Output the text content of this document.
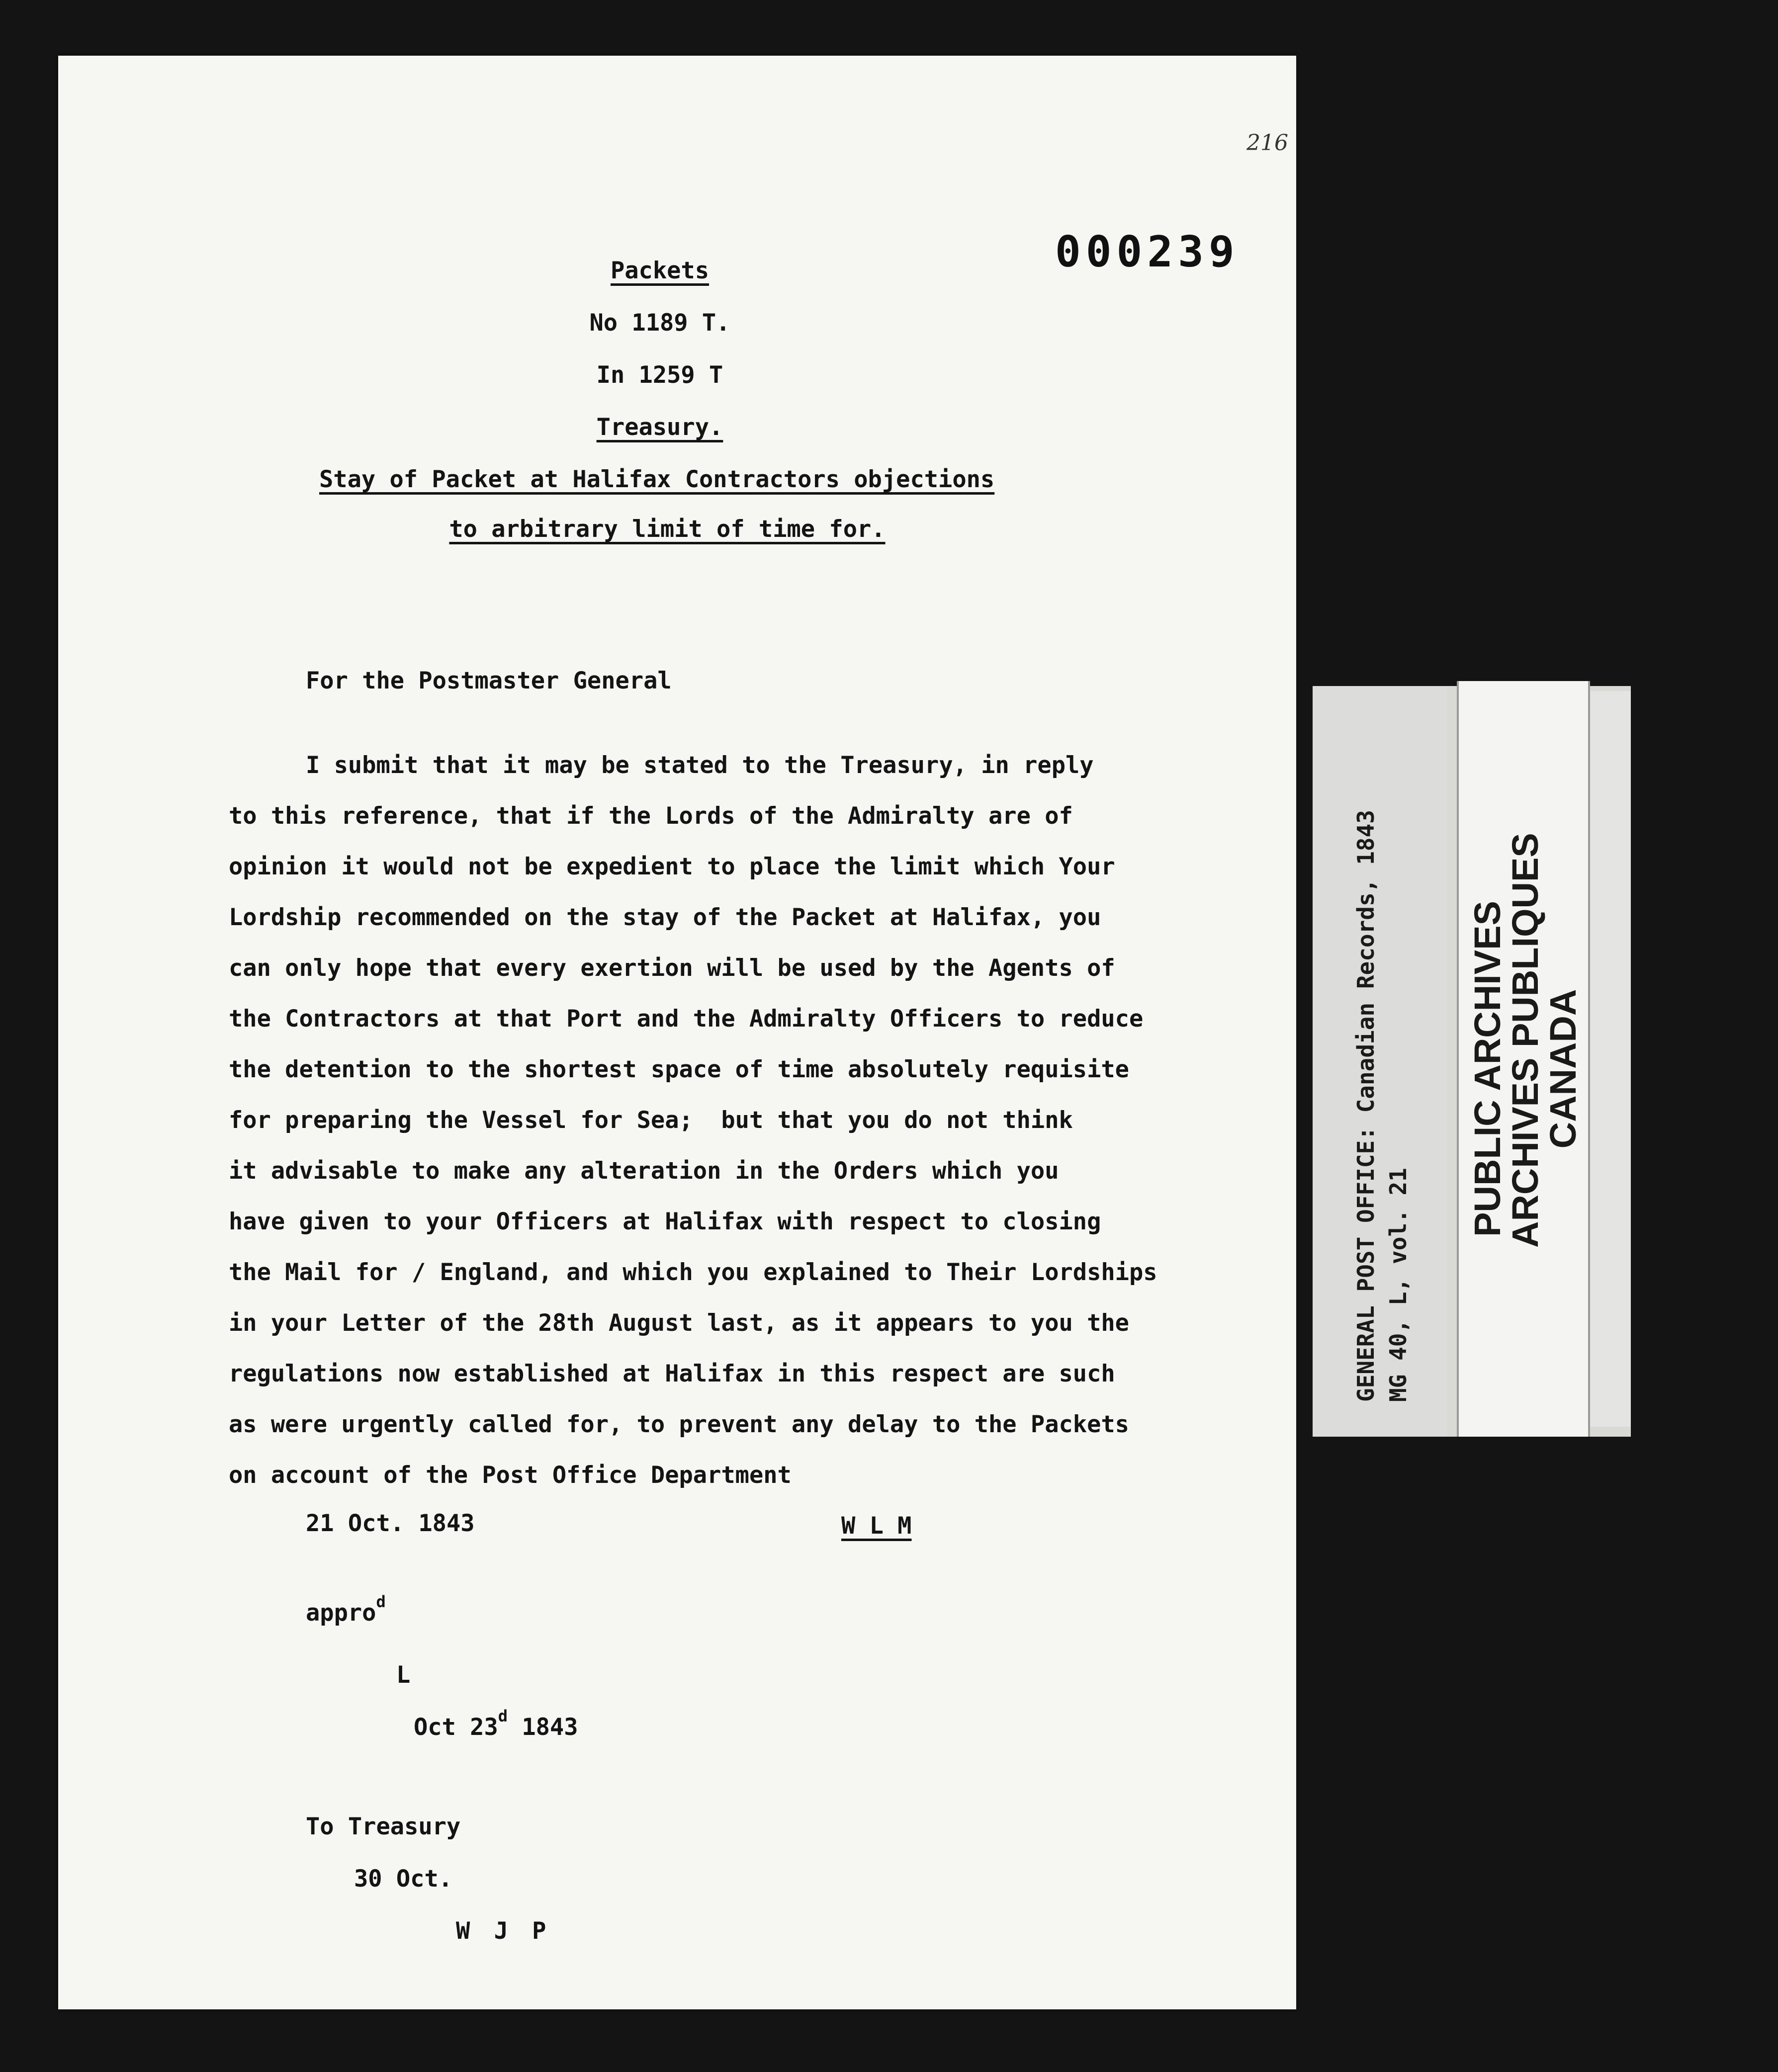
216
000239
Packets
No 1189 T.
In 1259 T
Treasury.
Stay of Packet at Halifax Contractors objections
to arbitrary limit of time for.
For the Postmaster General
I submit that it may be stated to the Treasury, in reply
to this reference, that if the Lords of the Admiralty are of
opinion it would not be expedient to place the limit which Your
Lordship recommended on the stay of the Packet at Halifax, you
can only hope that every exertion will be used by the Agents of
the Contractors at that Port and the Admiralty Officers to reduce
the detention to the shortest space of time absolutely requisite
for preparing the Vessel for Sea;  but that you do not think
it advisable to make any alteration in the Orders which you
have given to your Officers at Halifax with respect to closing
the Mail for / England, and which you explained to Their Lordships
in your Letter of the 28th August last, as it appears to you the
regulations now established at Halifax in this respect are such
as were urgently called for, to prevent any delay to the Packets
on account of the Post Office Department
21 Oct. 1843	W L M
appro$^d$
L
Oct 23$^d$ 1843
To Treasury
30 Oct.
W J P
GENERAL POST OFFICE: Canadian Records, 1843 MG 40, L, vol. 21
PUBLIC ARCHIVES
ARCHIVES PUBLIQUES
CANADA
